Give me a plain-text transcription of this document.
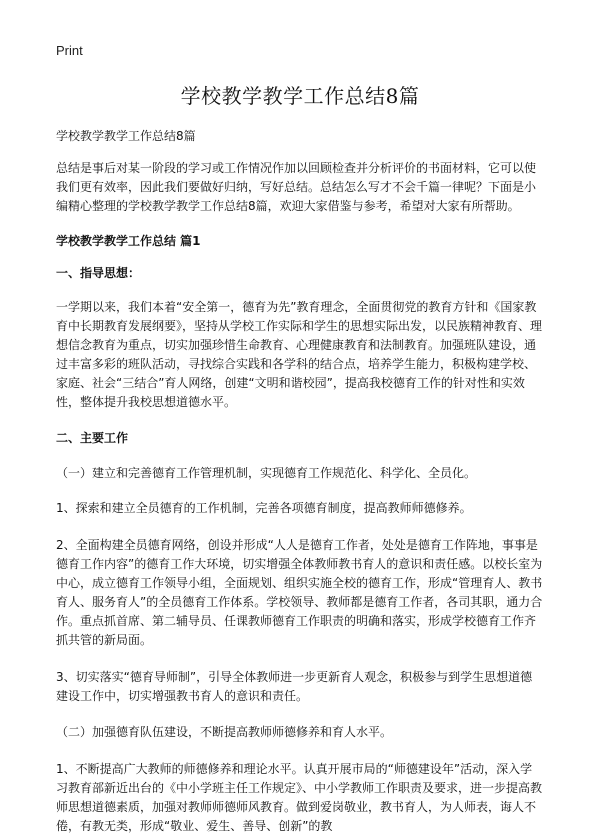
Print
学校教学教学工作总结8篇

学校教学教学工作总结8篇

总结是事后对某一阶段的学习或工作情况作加以回顾检查并分析评价的书面材料，它可以使我们更有效率，因此我们要做好归纳，写好总结。总结怎么写才不会千篇一律呢？下面是小编精心整理的学校教学教学工作总结8篇，欢迎大家借鉴与参考，希望对大家有所帮助。

学校教学教学工作总结 篇1

一、指导思想：

一学期以来，我们本着“安全第一，德育为先”教育理念，全面贯彻党的教育方针和《国家教育中长期教育发展纲要》，坚持从学校工作实际和学生的思想实际出发，以民族精神教育、理想信念教育为重点，切实加强珍惜生命教育、心理健康教育和法制教育。加强班队建设，通过丰富多彩的班队活动，寻找综合实践和各学科的结合点，培养学生能力，积极构建学校、家庭、社会“三结合”育人网络，创建“文明和谐校园”，提高我校德育工作的针对性和实效性，整体提升我校思想道德水平。

二、主要工作

（一）建立和完善德育工作管理机制，实现德育工作规范化、科学化、全员化。

1、探索和建立全员德育的工作机制，完善各项德育制度，提高教师师德修养。

2、全面构建全员德育网络，创设并形成“人人是德育工作者，处处是德育工作阵地，事事是德育工作内容”的德育工作大环境，切实增强全体教师教书育人的意识和责任感。以校长室为中心，成立德育工作领导小组，全面规划、组织实施全校的德育工作，形成“管理育人、教书育人、服务育人”的全员德育工作体系。学校领导、教师都是德育工作者，各司其职，通力合作。重点抓首席、第二辅导员、任课教师德育工作职责的明确和落实，形成学校德育工作齐抓共管的新局面。

3、切实落实“德育导师制”，引导全体教师进一步更新育人观念，积极参与到学生思想道德建设工作中，切实增强教书育人的意识和责任。

（二）加强德育队伍建设，不断提高教师师德修养和育人水平。

1、不断提高广大教师的师德修养和理论水平。认真开展市局的“师德建设年”活动，深入学习教育部新近出台的《中小学班主任工作规定》、中小学教师工作职责及要求，进一步提高教师思想道德素质，加强对教师师德师风教育。做到爱岗敬业，教书育人，为人师表，诲人不倦，有教无类，形成“敬业、爱生、善导、创新”的教
